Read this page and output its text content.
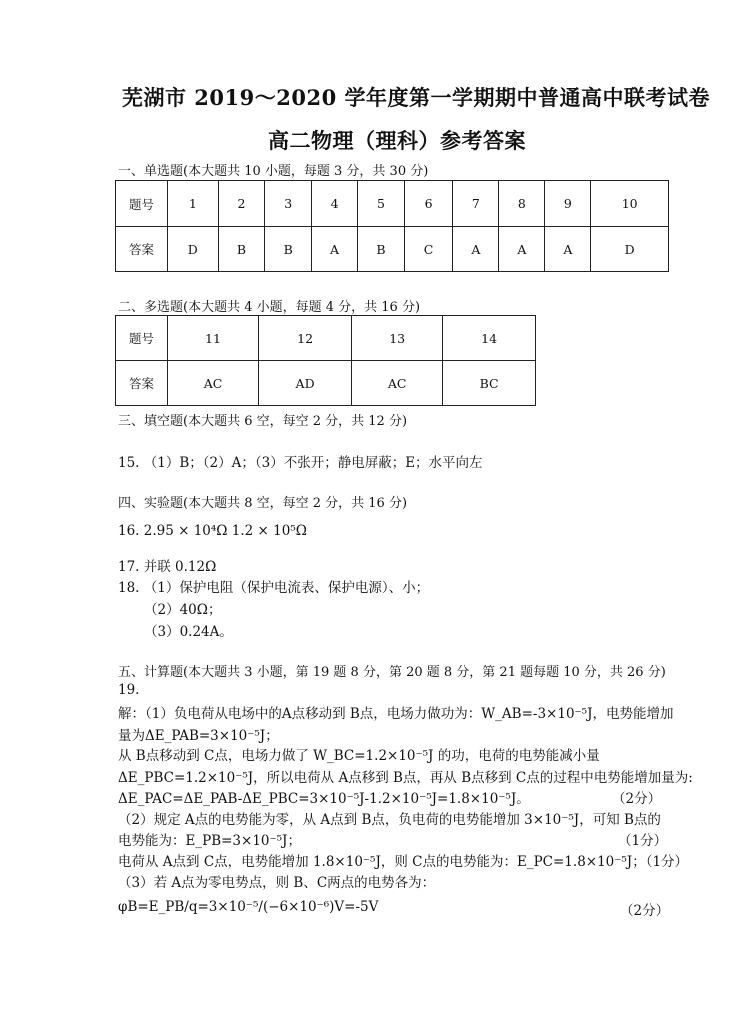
芜湖市 2019～2020 学年度第一学期期中普通高中联考试卷
高二物理（理科）参考答案
一、单选题(本大题共 10 小题，每题 3 分，共 30 分)
题号	1	2	3	4	5	6	7	8	9	10
答案	D	B	B	A	B	C	A	A	A	D
二、多选题(本大题共 4 小题，每题 4 分，共 16 分)
题号	11	12	13	14
答案	AC	AD	AC	BC
三、填空题(本大题共 6 空，每空 2 分，共 12 分)
15. （1）B；（2）A；（3）不张开；静电屏蔽；E；水平向左
四、实验题(本大题共 8 空，每空 2 分，共 16 分)
16. 2.95 × 10⁴Ω 1.2 × 10⁵Ω
17. 并联 0.12Ω
18. （1）保护电阻（保护电流表、保护电源）、小；
（2）40Ω；
（3）0.24A。
五、计算题(本大题共 3 小题，第 19 题 8 分，第 20 题 8 分，第 21 题每题 10 分，共 26 分)
19.
解：（1）负电荷从电场中的A点移动到 B点，电场力做功为：W_AB=-3×10⁻⁵J，电势能增加
量为ΔE_PAB=3×10⁻⁵J；
从 B点移动到 C点，电场力做了 W_BC=1.2×10⁻⁵J 的功，电荷的电势能减小量
ΔE_PBC=1.2×10⁻⁵J，所以电荷从 A点移到 B点，再从 B点移到 C点的过程中电势能增加量为:
ΔE_PAC=ΔE_PAB-ΔE_PBC=3×10⁻⁵J-1.2×10⁻⁵J=1.8×10⁻⁵J。	（2分）
（2）规定 A点的电势能为零，从 A点到 B点，负电荷的电势能增加 3×10⁻⁵J，可知 B点的
电势能为：E_PB=3×10⁻⁵J；	（1分）
电荷从 A点到 C点，电势能增加 1.8×10⁻⁵J，则 C点的电势能为：E_PC=1.8×10⁻⁵J；（1分）
（3）若 A点为零电势点，则 B、C两点的电势各为：
φB=E_PB/q=3×10⁻⁵/(−6×10⁻⁶)V=-5V	（2分）
